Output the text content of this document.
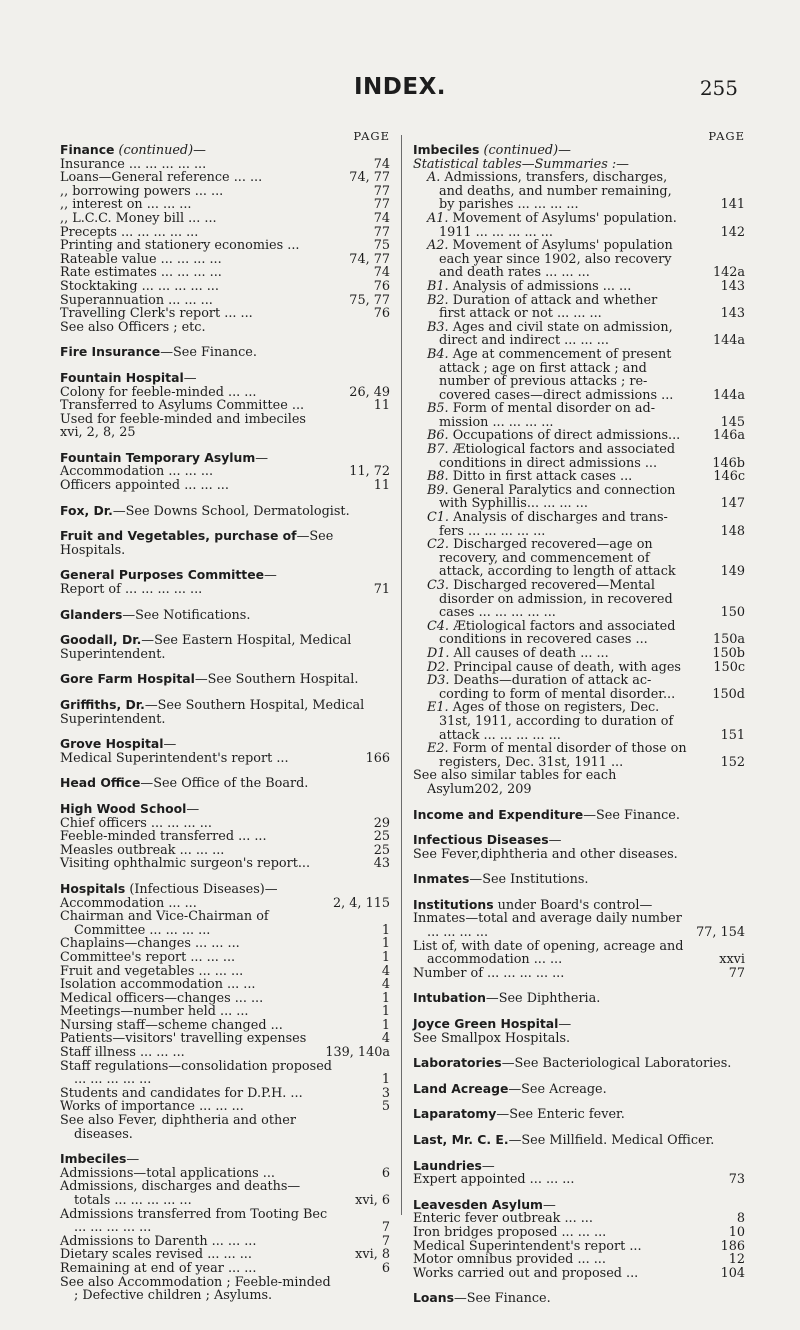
INDEX.	255
PAGE
Finance (continued)—
Insurance ... ... ... ... ...	74
Loans—General reference ... ...	74, 77
,, borrowing powers ... ...	77
,, interest on ... ... ...	77
,, L.C.C. Money bill ... ...	74
Precepts ... ... ... ... ...	77
Printing and stationery economies ...	75
Rateable value ... ... ... ...	74, 77
Rate estimates ... ... ... ...	74
Stocktaking ... ... ... ... ...	76
Superannuation ... ... ...	75, 77
Travelling Clerk's report ... ...	76
See also Officers ; etc.
Fire Insurance—See Finance.
Fountain Hospital—
Colony for feeble-minded ... ...	26, 49
Transferred to Asylums Committee ...	11
Used for feeble-minded and imbeciles
xvi, 2, 8, 25
Fountain Temporary Asylum—
Accommodation ... ... ...	11, 72
Officers appointed ... ... ...	11
Fox, Dr.—See Downs School, Dermatologist.
Fruit and Vegetables, purchase of—See Hospitals.
General Purposes Committee—
Report of ... ... ... ... ...	71
Glanders—See Notifications.
Goodall, Dr.—See Eastern Hospital, Medical Superintendent.
Gore Farm Hospital—See Southern Hospital.
Griffiths, Dr.—See Southern Hospital, Medical Superintendent.
Grove Hospital—
Medical Superintendent's report ...	166
Head Office—See Office of the Board.
High Wood School—
Chief officers ... ... ... ...	29
Feeble-minded transferred ... ...	25
Measles outbreak ... ... ...	25
Visiting ophthalmic surgeon's report...	43
Hospitals (Infectious Diseases)—
Accommodation ... ...	2, 4, 115
Chairman and Vice-Chairman of Committee ... ... ... ...	1
Chaplains—changes ... ... ...	1
Committee's report ... ... ...	1
Fruit and vegetables ... ... ...	4
Isolation accommodation ... ...	4
Medical officers—changes ... ...	1
Meetings—number held ... ...	1
Nursing staff—scheme changed ...	1
Patients—visitors' travelling expenses	4
Staff illness ... ... ...	139, 140a
Staff regulations—consolidation proposed ... ... ... ... ...	1
Students and candidates for D.P.H. ...	3
Works of importance ... ... ...	5
See also Fever, diphtheria and other diseases.
Imbeciles—
Admissions—total applications ...	6
Admissions, discharges and deaths—totals ... ... ... ... ...	xvi, 6
Admissions transferred from Tooting Bec ... ... ... ... ...	7
Admissions to Darenth ... ... ...	7
Dietary scales revised ... ... ...	xvi, 8
Remaining at end of year ... ...	6
See also Accommodation ; Feeble-minded ; Defective children ; Asylums.
PAGE
Imbeciles (continued)—
Statistical tables—Summaries :—
A. Admissions, transfers, discharges, and deaths, and number remaining, by parishes ... ... ... ...	141
A1. Movement of Asylums' population. 1911 ... ... ... ... ...	142
A2. Movement of Asylums' population each year since 1902, also recovery and death rates ... ... ...	142a
B1. Analysis of admissions ... ...	143
B2. Duration of attack and whether first attack or not ... ... ...	143
B3. Ages and civil state on admission, direct and indirect ... ... ...	144a
B4. Age at commencement of present attack ; age on first attack ; and number of previous attacks ; re-covered cases—direct admissions ...	144a
B5. Form of mental disorder on ad-mission ... ... ... ...	145
B6. Occupations of direct admissions...	146a
B7. Ætiological factors and associated conditions in direct admissions ...	146b
B8. Ditto in first attack cases ...	146c
B9. General Paralytics and connection with Syphillis... ... ... ...	147
C1. Analysis of discharges and trans-fers ... ... ... ... ...	148
C2. Discharged recovered—age on recovery, and commencement of attack, according to length of attack	149
C3. Discharged recovered—Mental disorder on admission, in recovered cases ... ... ... ... ...	150
C4. Ætiological factors and associated conditions in recovered cases ...	150a
D1. All causes of death ... ...	150b
D2. Principal cause of death, with ages	150c
D3. Deaths—duration of attack ac-cording to form of mental disorder...	150d
E1. Ages of those on registers, Dec. 31st, 1911, according to duration of attack ... ... ... ... ...	151
E2. Form of mental disorder of those on registers, Dec. 31st, 1911 ...	152
See also similar tables for each Asylum202, 209
Income and Expenditure—See Finance.
Infectious Diseases—
See Fever,diphtheria and other diseases.
Inmates—See Institutions.
Institutions under Board's control—
Inmates—total and average daily number ... ... ... ...	77, 154
List of, with date of opening, acreage and accommodation ... ...	xxvi
Number of ... ... ... ... ...	77
Intubation—See Diphtheria.
Joyce Green Hospital—
See Smallpox Hospitals.
Laboratories—See Bacteriological Laboratories.
Land Acreage—See Acreage.
Laparatomy—See Enteric fever.
Last, Mr. C. E.—See Millfield. Medical Officer.
Laundries—
Expert appointed ... ... ...	73
Leavesden Asylum—
Enteric fever outbreak ... ...	8
Iron bridges proposed ... ... ...	10
Medical Superintendent's report ...	186
Motor omnibus provided ... ...	12
Works carried out and proposed ...	104
Loans—See Finance.
